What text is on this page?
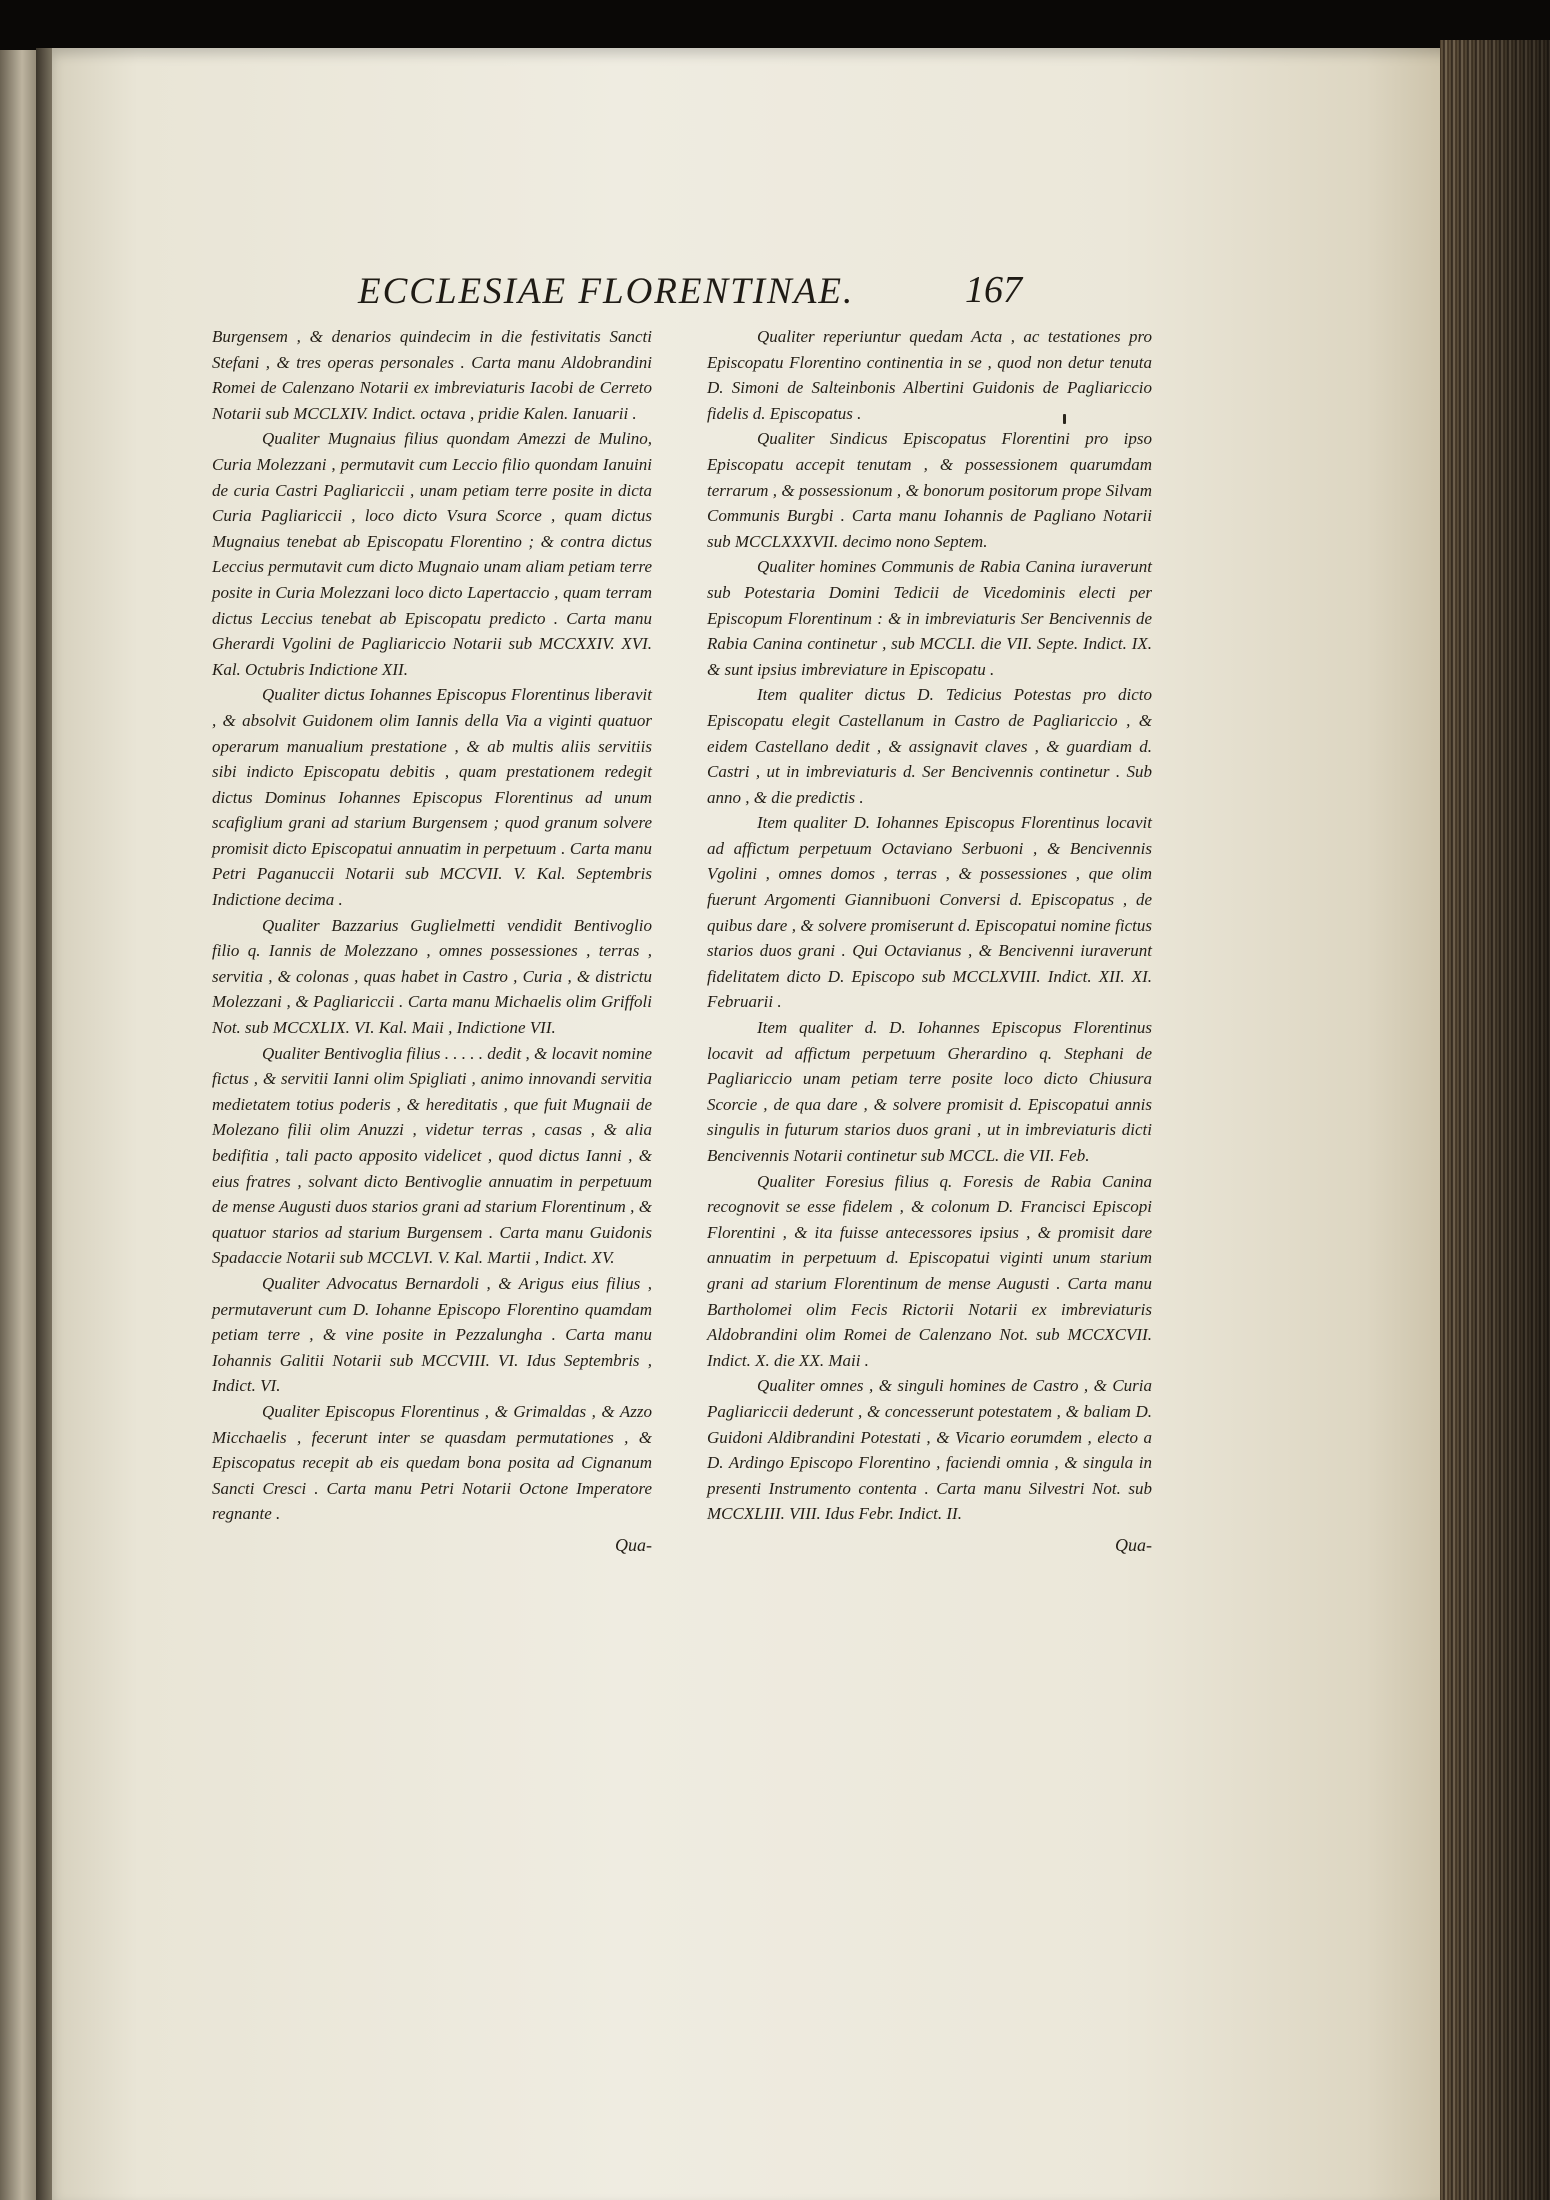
ECCLESIAE FLORENTINAE.	167

Burgensem , & denarios quindecim in die festivitatis Sancti Stefani , & tres operas personales . Carta manu Aldobrandini Romei de Calenzano Notarii ex imbreviaturis Iacobi de Cerreto Notarii sub MCCLXIV. Indict. octava , pridie Kalen. Ianuarii .

Qualiter Mugnaius filius quondam Amezzi de Mulino, Curia Molezzani , permutavit cum Leccio filio quondam Ianuini de curia Castri Pagliariccii , unam petiam terre posite in dicta Curia Pagliariccii , loco dicto Vsura Scorce , quam dictus Mugnaius tenebat ab Episcopatu Florentino ; & contra dictus Leccius permutavit cum dicto Mugnaio unam aliam petiam terre posite in Curia Molezzani loco dicto Lapertaccio , quam terram dictus Leccius tenebat ab Episcopatu predicto . Carta manu Gherardi Vgolini de Pagliariccio Notarii sub MCCXXIV. XVI. Kal. Octubris Indictione XII.

Qualiter dictus Iohannes Episcopus Florentinus liberavit , & absolvit Guidonem olim Iannis della Via a viginti quatuor operarum manualium prestatione , & ab multis aliis servitiis sibi indicto Episcopatu debitis , quam prestationem redegit dictus Dominus Iohannes Episcopus Florentinus ad unum scafiglium grani ad starium Burgensem ; quod granum solvere promisit dicto Episcopatui annuatim in perpetuum . Carta manu Petri Paganuccii Notarii sub MCCVII. V. Kal. Septembris Indictione decima .

Qualiter Bazzarius Guglielmetti vendidit Bentivoglio filio q. Iannis de Molezzano , omnes possessiones , terras , servitia , & colonas , quas habet in Castro , Curia , & districtu Molezzani , & Pagliariccii . Carta manu Michaelis olim Griffoli Not. sub MCCXLIX. VI. Kal. Maii , Indictione VII.

Qualiter Bentivoglia filius . . . . . dedit , & locavit nomine fictus , & servitii Ianni olim Spigliati , animo innovandi servitia medietatem totius poderis , & hereditatis , que fuit Mugnaii de Molezano filii olim Anuzzi , videtur terras , casas , & alia bedifitia , tali pacto apposito videlicet , quod dictus Ianni , & eius fratres , solvant dicto Bentivoglie annuatim in perpetuum de mense Augusti duos starios grani ad starium Florentinum , & quatuor starios ad starium Burgensem . Carta manu Guidonis Spadaccie Notarii sub MCCLVI. V. Kal. Martii , Indict. XV.

Qualiter Advocatus Bernardoli , & Arigus eius filius , permutaverunt cum D. Iohanne Episcopo Florentino quamdam petiam terre , & vine posite in Pezzalungha . Carta manu Iohannis Galitii Notarii sub MCCVIII. VI. Idus Septembris , Indict. VI.

Qualiter Episcopus Florentinus , & Grimaldas , & Azzo Micchaelis , fecerunt inter se quasdam permutationes , & Episcopatus recepit ab eis quedam bona posita ad Cignanum Sancti Cresci . Carta manu Petri Notarii Octone Imperatore regnante .

Qua-

Qualiter reperiuntur quedam Acta , ac testationes pro Episcopatu Florentino continentia in se , quod non detur tenuta D. Simoni de Salteinbonis Albertini Guidonis de Pagliariccio fidelis d. Episcopatus .

Qualiter Sindicus Episcopatus Florentini pro ipso Episcopatu accepit tenutam , & possessionem quarumdam terrarum , & possessionum , & bonorum positorum prope Silvam Communis Burgbi . Carta manu Iohannis de Pagliano Notarii sub MCCLXXXVII. decimo nono Septem.

Qualiter homines Communis de Rabia Canina iuraverunt sub Potestaria Domini Tedicii de Vicedominis electi per Episcopum Florentinum : & in imbreviaturis Ser Bencivennis de Rabia Canina continetur , sub MCCLI. die VII. Septe. Indict. IX. & sunt ipsius imbreviature in Episcopatu .

Item qualiter dictus D. Tedicius Potestas pro dicto Episcopatu elegit Castellanum in Castro de Pagliariccio , & eidem Castellano dedit , & assignavit claves , & guardiam d. Castri , ut in imbreviaturis d. Ser Bencivennis continetur . Sub anno , & die predictis .

Item qualiter D. Iohannes Episcopus Florentinus locavit ad affictum perpetuum Octaviano Serbuoni , & Bencivennis Vgolini , omnes domos , terras , & possessiones , que olim fuerunt Argomenti Giannibuoni Conversi d. Episcopatus , de quibus dare , & solvere promiserunt d. Episcopatui nomine fictus starios duos grani . Qui Octavianus , & Bencivenni iuraverunt fidelitatem dicto D. Episcopo sub MCCLXVIII. Indict. XII. XI. Februarii .

Item qualiter d. D. Iohannes Episcopus Florentinus locavit ad affictum perpetuum Gherardino q. Stephani de Pagliariccio unam petiam terre posite loco dicto Chiusura Scorcie , de qua dare , & solvere promisit d. Episcopatui annis singulis in futurum starios duos grani , ut in imbreviaturis dicti Bencivennis Notarii continetur sub MCCL. die VII. Feb.

Qualiter Foresius filius q. Foresis de Rabia Canina recognovit se esse fidelem , & colonum D. Francisci Episcopi Florentini , & ita fuisse antecessores ipsius , & promisit dare annuatim in perpetuum d. Episcopatui viginti unum starium grani ad starium Florentinum de mense Augusti . Carta manu Bartholomei olim Fecis Rictorii Notarii ex imbreviaturis Aldobrandini olim Romei de Calenzano Not. sub MCCXCVII. Indict. X. die XX. Maii .

Qualiter omnes , & singuli homines de Castro , & Curia Pagliariccii dederunt , & concesserunt potestatem , & baliam D. Guidoni Aldibrandini Potestati , & Vicario eorumdem , electo a D. Ardingo Episcopo Florentino , faciendi omnia , & singula in presenti Instrumento contenta . Carta manu Silvestri Not. sub MCCXLIII. VIII. Idus Febr. Indict. II.

Qua-
